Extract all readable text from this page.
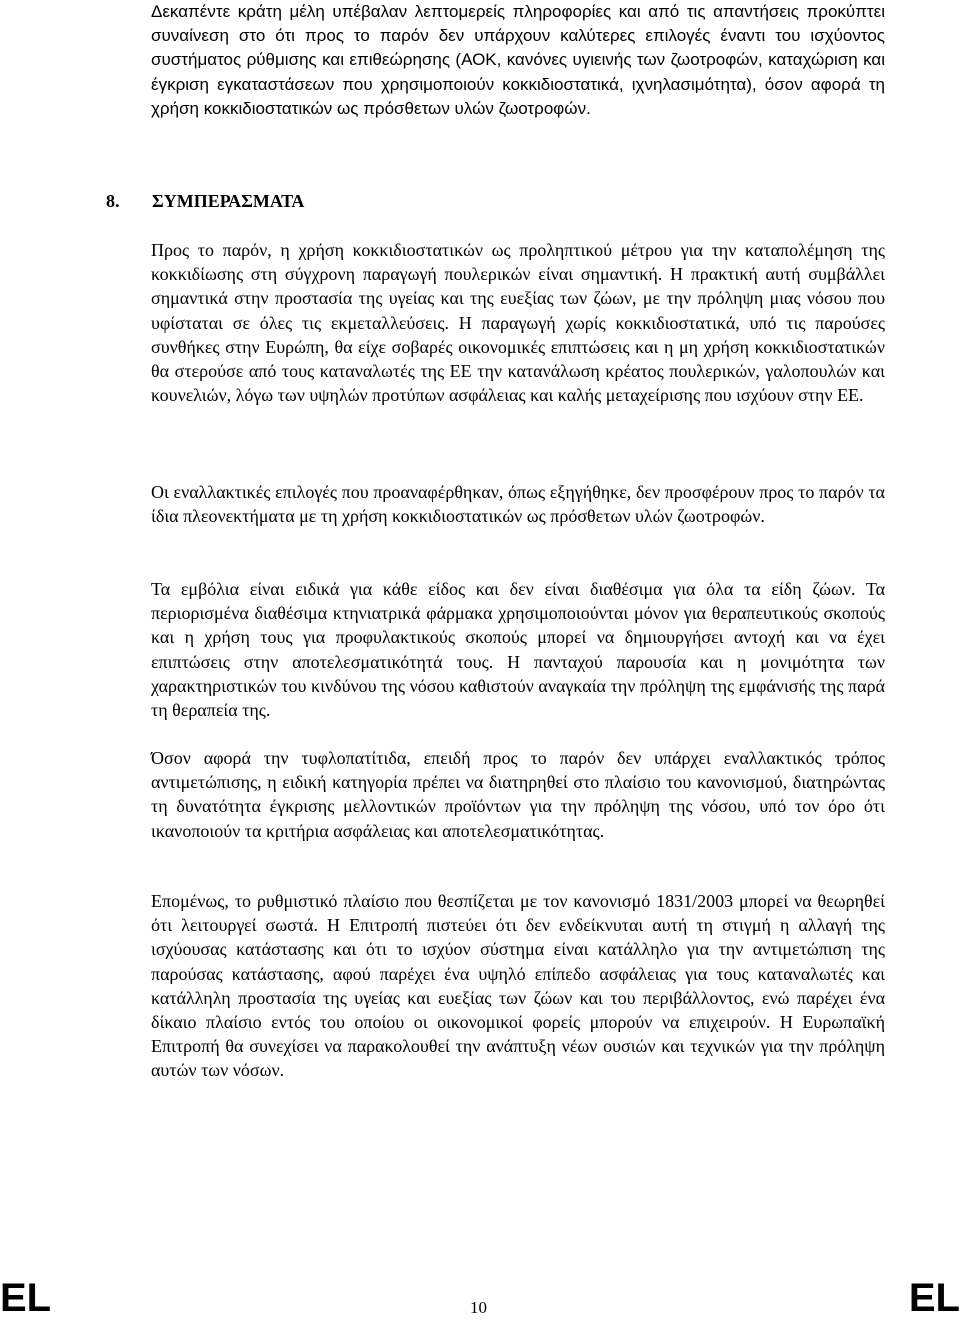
Δεκαπέντε κράτη μέλη υπέβαλαν λεπτομερείς πληροφορίες και από τις απαντήσεις προκύπτει συναίνεση στο ότι προς το παρόν δεν υπάρχουν καλύτερες επιλογές έναντι του ισχύοντος συστήματος ρύθμισης και επιθεώρησης (ΑΟΚ, κανόνες υγιεινής των ζωοτροφών, καταχώριση και έγκριση εγκαταστάσεων που χρησιμοποιούν κοκκιδιοστατικά, ιχνηλασιμότητα), όσον αφορά τη χρήση κοκκιδιοστατικών ως πρόσθετων υλών ζωοτροφών.

8. ΣΥΜΠΕΡΑΣΜΑΤΑ

Προς το παρόν, η χρήση κοκκιδιοστατικών ως προληπτικού μέτρου για την καταπολέμηση της κοκκιδίωσης στη σύγχρονη παραγωγή πουλερικών είναι σημαντική. Η πρακτική αυτή συμβάλλει σημαντικά στην προστασία της υγείας και της ευεξίας των ζώων, με την πρόληψη μιας νόσου που υφίσταται σε όλες τις εκμεταλλεύσεις. Η παραγωγή χωρίς κοκκιδιοστατικά, υπό τις παρούσες συνθήκες στην Ευρώπη, θα είχε σοβαρές οικονομικές επιπτώσεις και η μη χρήση κοκκιδιοστατικών θα στερούσε από τους καταναλωτές της ΕΕ την κατανάλωση κρέατος πουλερικών, γαλοπουλών και κουνελιών, λόγω των υψηλών προτύπων ασφάλειας και καλής μεταχείρισης που ισχύουν στην ΕΕ.

Οι εναλλακτικές επιλογές που προαναφέρθηκαν, όπως εξηγήθηκε, δεν προσφέρουν προς το παρόν τα ίδια πλεονεκτήματα με τη χρήση κοκκιδιοστατικών ως πρόσθετων υλών ζωοτροφών.

Τα εμβόλια είναι ειδικά για κάθε είδος και δεν είναι διαθέσιμα για όλα τα είδη ζώων. Τα περιορισμένα διαθέσιμα κτηνιατρικά φάρμακα χρησιμοποιούνται μόνον για θεραπευτικούς σκοπούς και η χρήση τους για προφυλακτικούς σκοπούς μπορεί να δημιουργήσει αντοχή και να έχει επιπτώσεις στην αποτελεσματικότητά τους. Η πανταχού παρουσία και η μονιμότητα των χαρακτηριστικών του κινδύνου της νόσου καθιστούν αναγκαία την πρόληψη της εμφάνισής της παρά τη θεραπεία της.

Όσον αφορά την τυφλοπατίτιδα, επειδή προς το παρόν δεν υπάρχει εναλλακτικός τρόπος αντιμετώπισης, η ειδική κατηγορία πρέπει να διατηρηθεί στο πλαίσιο του κανονισμού, διατηρώντας τη δυνατότητα έγκρισης μελλοντικών προϊόντων για την πρόληψη της νόσου, υπό τον όρο ότι ικανοποιούν τα κριτήρια ασφάλειας και αποτελεσματικότητας.

Επομένως, το ρυθμιστικό πλαίσιο που θεσπίζεται με τον κανονισμό 1831/2003 μπορεί να θεωρηθεί ότι λειτουργεί σωστά. Η Επιτροπή πιστεύει ότι δεν ενδείκνυται αυτή τη στιγμή η αλλαγή της ισχύουσας κατάστασης και ότι το ισχύον σύστημα είναι κατάλληλο για την αντιμετώπιση της παρούσας κατάστασης, αφού παρέχει ένα υψηλό επίπεδο ασφάλειας για τους καταναλωτές και κατάλληλη προστασία της υγείας και ευεξίας των ζώων και του περιβάλλοντος, ενώ παρέχει ένα δίκαιο πλαίσιο εντός του οποίου οι οικονομικοί φορείς μπορούν να επιχειρούν. Η Ευρωπαϊκή Επιτροπή θα συνεχίσει να παρακολουθεί την ανάπτυξη νέων ουσιών και τεχνικών για την πρόληψη αυτών των νόσων.

EL	10	EL
